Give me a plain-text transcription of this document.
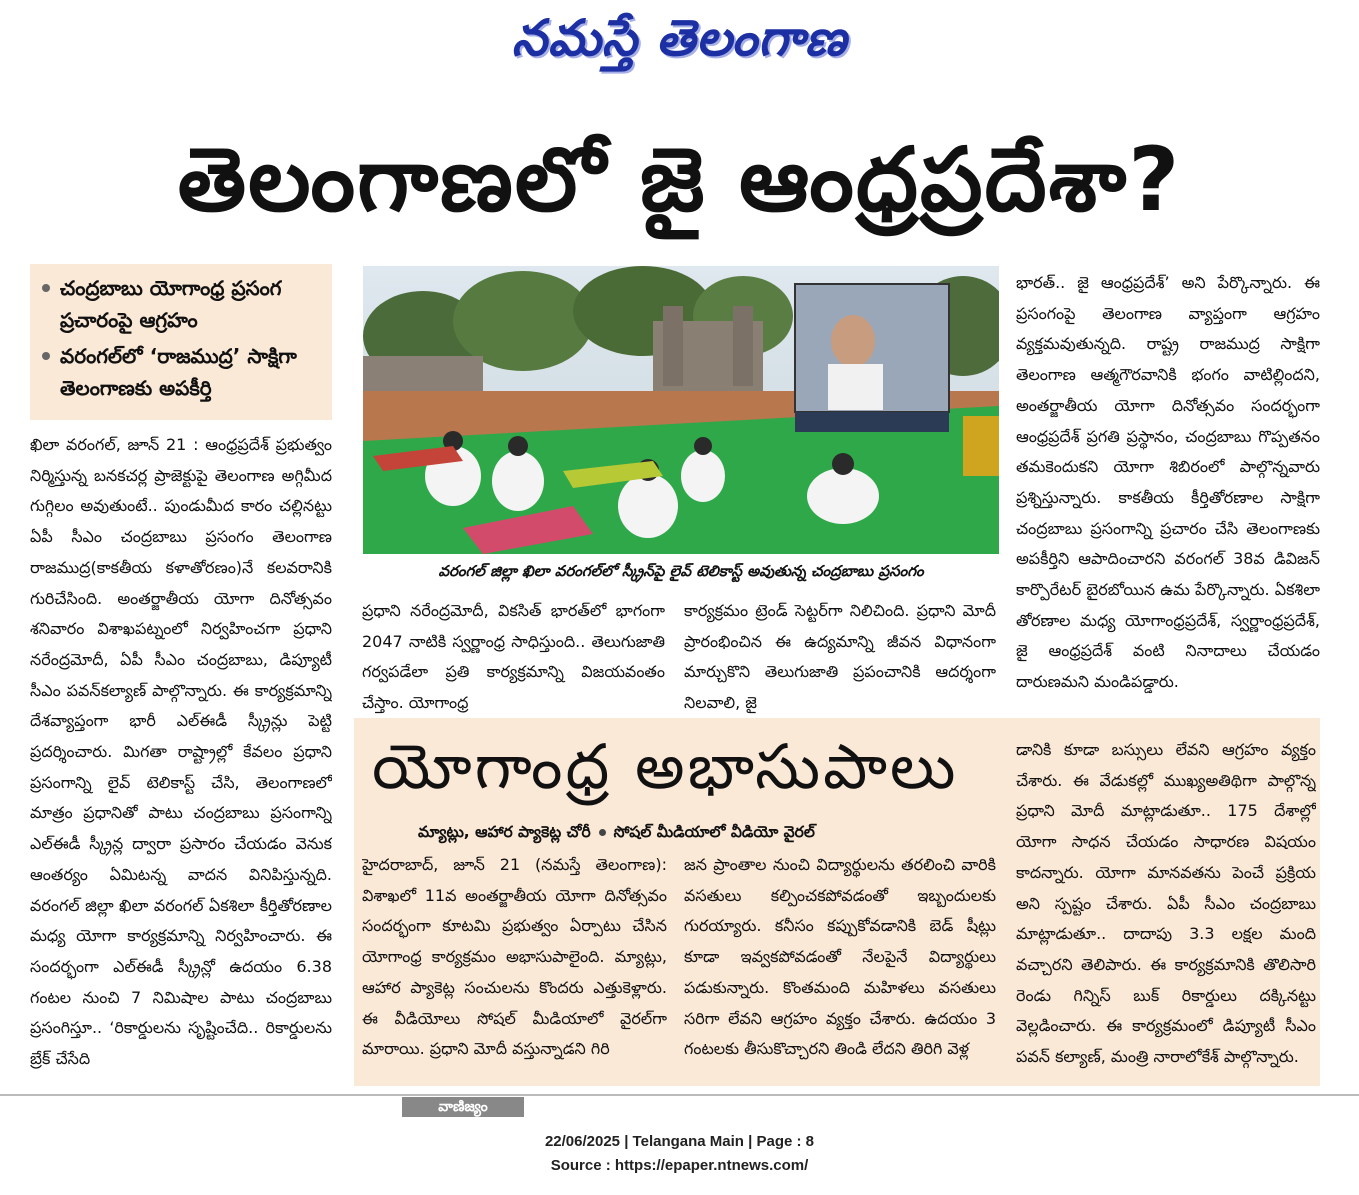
నమస్తే తెలంగాణ
తెలంగాణలో జై ఆంధ్రప్రదేశా?
చంద్రబాబు యోగాంధ్ర ప్రసంగ ప్రచారంపై ఆగ్రహం
వరంగల్‌లో ‘రాజముద్ర’ సాక్షిగా తెలంగాణకు అపకీర్తి

ఖిలా వరంగల్, జూన్ 21 : ఆంధ్రప్రదేశ్ ప్రభుత్వం నిర్మిస్తున్న బనకచర్ల ప్రాజెక్టుపై తెలంగాణ అగ్గిమీద గుగ్గిలం అవుతుంటే.. పుండుమీద కారం చల్లినట్టు ఏపీ సీఎం చంద్రబాబు ప్రసంగం తెలంగాణ రాజముద్ర(కాకతీయ కళాతోరణం)నే కలవరానికి గురిచేసింది. అంతర్జాతీయ యోగా దినోత్సవం శనివారం విశాఖపట్నంలో నిర్వహించగా ప్రధాని నరేంద్రమోదీ, ఏపీ సీఎం చంద్రబాబు, డిప్యూటీ సీఎం పవన్‌కల్యాణ్ పాల్గొన్నారు. ఈ కార్యక్రమాన్ని దేశవ్యాప్తంగా భారీ ఎల్‌ఈడీ స్క్రీన్లు పెట్టి ప్రదర్శించారు. మిగతా రాష్ట్రాల్లో కేవలం ప్రధాని ప్రసంగాన్ని లైవ్ టెలికాస్ట్ చేసి, తెలంగాణలో మాత్రం ప్రధానితో పాటు చంద్రబాబు ప్రసంగాన్ని ఎల్‌ఈడీ స్క్రీన్ల ద్వారా ప్రసారం చేయడం వెనుక ఆంతర్యం ఏమిటన్న వాదన వినిపిస్తున్నది. వరంగల్ జిల్లా ఖిలా వరంగల్ ఏకశిలా కీర్తితోరణాల మధ్య యోగా కార్యక్రమాన్ని నిర్వహించారు. ఈ సందర్భంగా ఎల్‌ఈడీ స్క్రీన్లో ఉదయం 6.38 గంటల నుంచి 7 నిమిషాల పాటు చంద్రబాబు ప్రసంగిస్తూ.. ‘రికార్డులను సృష్టించేది.. రికార్డులను బ్రేక్ చేసేది

వరంగల్ జిల్లా ఖిలా వరంగల్‌లో స్క్రీన్‌పై లైవ్ టెలికాస్ట్ అవుతున్న చంద్రబాబు ప్రసంగం

ప్రధాని నరేంద్రమోదీ, వికసిత్ భారత్‌లో భాగంగా 2047 నాటికి స్వర్ణాంధ్ర సాధిస్తుంది.. తెలుగుజాతి గర్వపడేలా ప్రతి కార్యక్రమాన్ని విజయవంతం చేస్తాం. యోగాంధ్ర

కార్యక్రమం ట్రెండ్ సెట్టర్‌గా నిలిచింది. ప్రధాని మోదీ ప్రారంభించిన ఈ ఉద్యమాన్ని జీవన విధానంగా మార్చుకొని తెలుగుజాతి ప్రపంచానికి ఆదర్శంగా నిలవాలి, జై

భారత్.. జై ఆంధ్రప్రదేశ్’ అని పేర్కొన్నారు. ఈ ప్రసంగంపై తెలంగాణ వ్యాప్తంగా ఆగ్రహం వ్యక్తమవుతున్నది. రాష్ట్ర రాజముద్ర సాక్షిగా తెలంగాణ ఆత్మగౌరవానికి భంగం వాటిల్లిందని, అంతర్జాతీయ యోగా దినోత్సవం సందర్భంగా ఆంధ్రప్రదేశ్ ప్రగతి ప్రస్థానం, చంద్రబాబు గొప్పతనం తమకెందుకని యోగా శిబిరంలో పాల్గొన్నవారు ప్రశ్నిస్తున్నారు. కాకతీయ కీర్తితోరణాల సాక్షిగా చంద్రబాబు ప్రసంగాన్ని ప్రచారం చేసి తెలంగాణకు అపకీర్తిని ఆపాదించారని వరంగల్ 38వ డివిజన్ కార్పొరేటర్ బైరబోయిన ఉమ పేర్కొన్నారు. ఏకశిలా తోరణాల మధ్య యోగాంధ్రప్రదేశ్, స్వర్ణాంధ్రప్రదేశ్, జై ఆంధ్రప్రదేశ్ వంటి నినాదాలు చేయడం దారుణమని మండిపడ్డారు.

యోగాంధ్ర అభాసుపాలు
మ్యాట్లు, ఆహార ప్యాకెట్ల చోరీ సోషల్ మీడియాలో వీడియో వైరల్

హైదరాబాద్, జూన్ 21 (నమస్తే తెలంగాణ): విశాఖలో 11వ అంతర్జాతీయ యోగా దినోత్సవం సందర్భంగా కూటమి ప్రభుత్వం ఏర్పాటు చేసిన యోగాంధ్ర కార్యక్రమం అభాసుపాలైంది. మ్యాట్లు, ఆహార ప్యాకెట్ల సంచులను కొందరు ఎత్తుకెళ్లారు. ఈ వీడియోలు సోషల్ మీడియాలో వైరల్‌గా మారాయి. ప్రధాని మోదీ వస్తున్నాడని గిరి

జన ప్రాంతాల నుంచి విద్యార్థులను తరలించి వారికి వసతులు కల్పించకపోవడంతో ఇబ్బందులకు గురయ్యారు. కనీసం కప్పుకోవడానికి బెడ్ షీట్లు కూడా ఇవ్వకపోవడంతో నేలపైనే విద్యార్థులు పడుకున్నారు. కొంతమంది మహిళలు వసతులు సరిగా లేవని ఆగ్రహం వ్యక్తం చేశారు. ఉదయం 3 గంటలకు తీసుకొచ్చారని తిండి లేదని తిరిగి వెళ్ల

డానికి కూడా బస్సులు లేవని ఆగ్రహం వ్యక్తం చేశారు. ఈ వేడుకల్లో ముఖ్యఅతిథిగా పాల్గొన్న ప్రధాని మోదీ మాట్లాడుతూ.. 175 దేశాల్లో యోగా సాధన చేయడం సాధారణ విషయం కాదన్నారు. యోగా మానవతను పెంచే ప్రక్రియ అని స్పష్టం చేశారు. ఏపీ సీఎం చంద్రబాబు మాట్లాడుతూ.. దాదాపు 3.3 లక్షల మంది వచ్చారని తెలిపారు. ఈ కార్యక్రమానికి తొలిసారి రెండు గిన్నిస్ బుక్ రికార్డులు దక్కినట్టు వెల్లడించారు. ఈ కార్యక్రమంలో డిప్యూటీ సీఎం పవన్ కల్యాణ్, మంత్రి నారాలోకేశ్ పాల్గొన్నారు.

వాణిజ్యం
22/06/2025 | Telangana Main | Page : 8
Source : https://epaper.ntnews.com/
